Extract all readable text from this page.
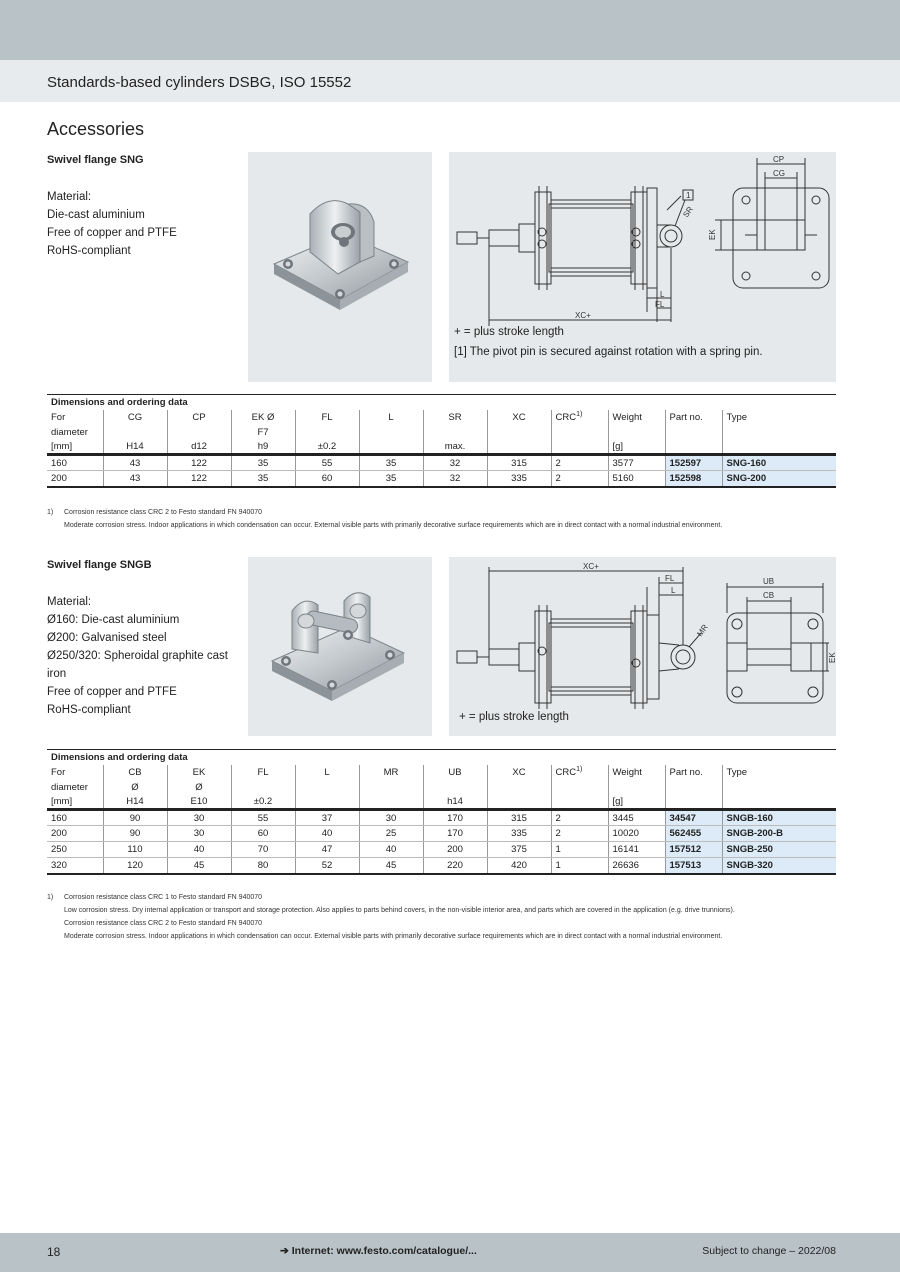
Standards-based cylinders DSBG, ISO 15552
Accessories
Swivel flange SNG
Material:
Die-cast aluminium
Free of copper and PTFE
RoHS-compliant
CP
CG
EK
SR
L
FL
XC+
1
+ = plus stroke length
[1] The pivot pin is secured against rotation with a spring pin.
Dimensions and ordering data											
For	CG	CP	EK Ø	FL	L	SR	XC	CRC$^{1)}$	Weight	Part no.	Type
diameter			F7								
[mm]	H14	d12	h9	±0.2		max.			[g]		
160	43	122	35	55	35	32	315	2	3577	152597	SNG-160
200	43	122	35	60	35	32	335	2	5160	152598	SNG-200
1) Corrosion resistance class CRC 2 to Festo standard FN 940070
Moderate corrosion stress. Indoor applications in which condensation can occur. External visible parts with primarily decorative surface requirements which are in direct contact with a normal industrial environment.
Swivel flange SNGB
Material:
Ø160: Die-cast aluminium
Ø200: Galvanised steel
Ø250/320: Spheroidal graphite cast
iron
Free of copper and PTFE
RoHS-compliant
XC+
FL
L
MR
UB
CB
EK
+ = plus stroke length
Dimensions and ordering data											
For	CB	EK	FL	L	MR	UB	XC	CRC$^{1)}$	Weight	Part no.	Type
diameter	Ø	Ø									
[mm]	H14	E10	±0.2			h14			[g]		
160	90	30	55	37	30	170	315	2	3445	34547	SNGB-160
200	90	30	60	40	25	170	335	2	10020	562455	SNGB-200-B
250	110	40	70	47	40	200	375	1	16141	157512	SNGB-250
320	120	45	80	52	45	220	420	1	26636	157513	SNGB-320
1) Corrosion resistance class CRC 1 to Festo standard FN 940070
Low corrosion stress. Dry internal application or transport and storage protection. Also applies to parts behind covers, in the non-visible interior area, and parts which are covered in the application (e.g. drive trunnions).
Corrosion resistance class CRC 2 to Festo standard FN 940070
Moderate corrosion stress. Indoor applications in which condensation can occur. External visible parts with primarily decorative surface requirements which are in direct contact with a normal industrial environment.
18	➔ Internet: www.festo.com/catalogue/...	Subject to change – 2022/08
